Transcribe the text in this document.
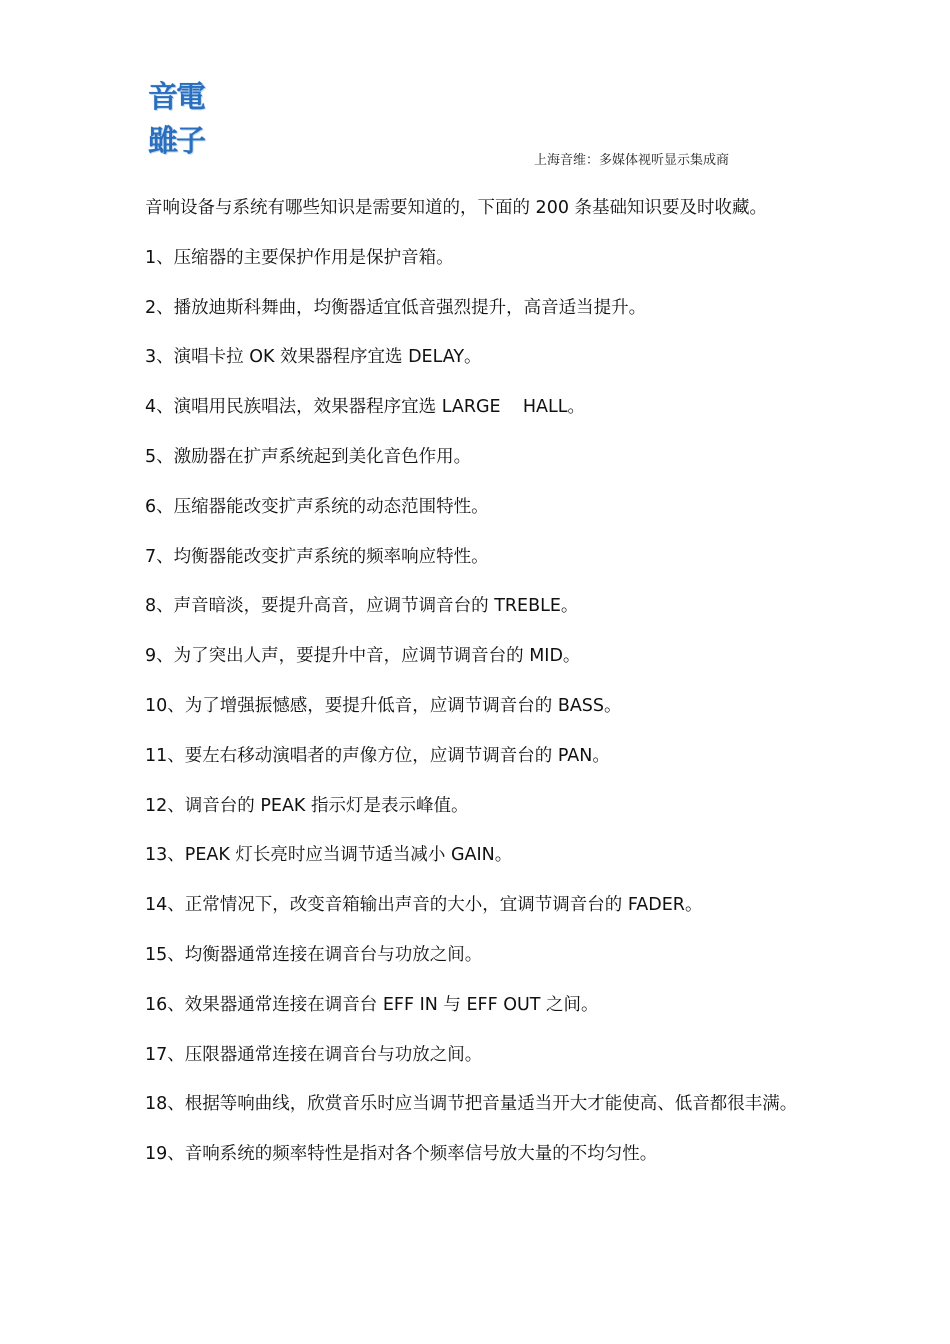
音電
雖子
上海音维：多媒体视听显示集成商

音响设备与系统有哪些知识是需要知道的，下面的 200 条基础知识要及时收藏。

1、压缩器的主要保护作用是保护音箱。

2、播放迪斯科舞曲，均衡器适宜低音强烈提升，高音适当提升。

3、演唱卡拉 OK 效果器程序宜选 DELAY。

4、演唱用民族唱法，效果器程序宜选 LARGE    HALL。

5、激励器在扩声系统起到美化音色作用。

6、压缩器能改变扩声系统的动态范围特性。

7、均衡器能改变扩声系统的频率响应特性。

8、声音暗淡，要提升高音，应调节调音台的 TREBLE。

9、为了突出人声，要提升中音，应调节调音台的 MID。

10、为了增强振憾感，要提升低音，应调节调音台的 BASS。

11、要左右移动演唱者的声像方位，应调节调音台的 PAN。

12、调音台的 PEAK 指示灯是表示峰值。

13、PEAK 灯长亮时应当调节适当减小 GAIN。

14、正常情况下，改变音箱输出声音的大小，宜调节调音台的 FADER。

15、均衡器通常连接在调音台与功放之间。

16、效果器通常连接在调音台 EFF IN 与 EFF OUT 之间。

17、压限器通常连接在调音台与功放之间。

18、根据等响曲线，欣赏音乐时应当调节把音量适当开大才能使高、低音都很丰满。

19、音响系统的频率特性是指对各个频率信号放大量的不均匀性。
